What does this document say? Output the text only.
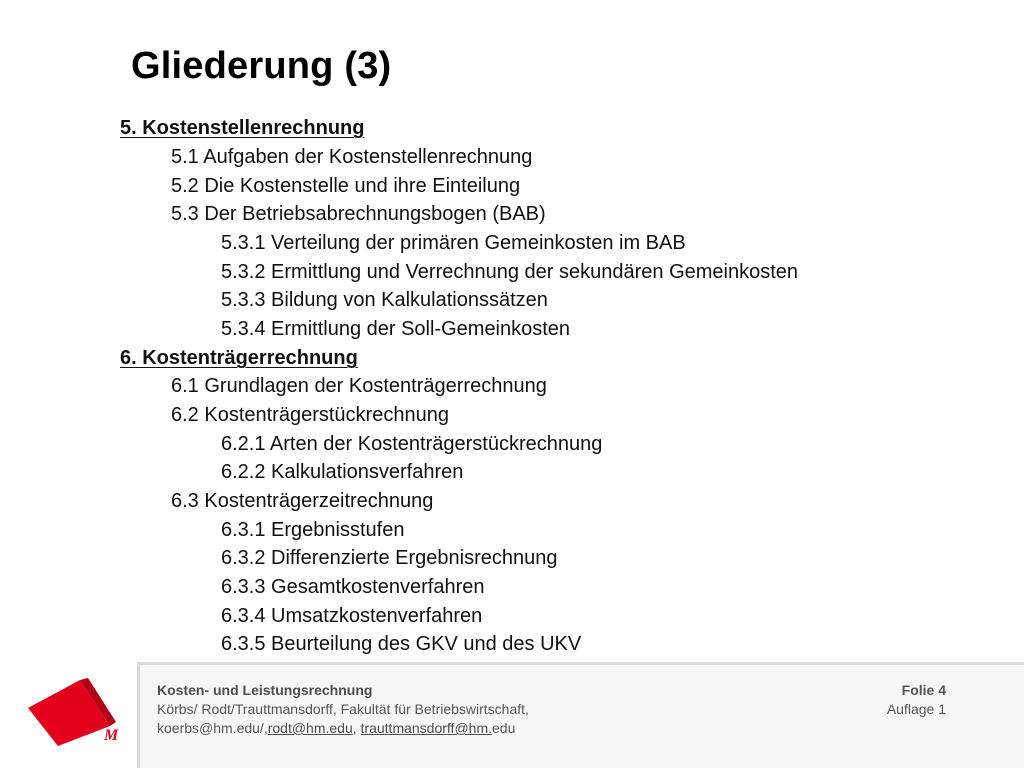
Gliederung (3)
5. Kostenstellenrechnung
5.1 Aufgaben der Kostenstellenrechnung
5.2 Die Kostenstelle und ihre Einteilung
5.3 Der Betriebsabrechnungsbogen (BAB)
5.3.1 Verteilung der primären Gemeinkosten im BAB
5.3.2 Ermittlung und Verrechnung der sekundären Gemeinkosten
5.3.3 Bildung von Kalkulationssätzen
5.3.4 Ermittlung der Soll-Gemeinkosten
6. Kostenträgerrechnung
6.1 Grundlagen der Kostenträgerrechnung
6.2 Kostenträgerstückrechnung
6.2.1 Arten der Kostenträgerstückrechnung
6.2.2 Kalkulationsverfahren
6.3 Kostenträgerzeitrechnung
6.3.1 Ergebnisstufen
6.3.2 Differenzierte Ergebnisrechnung
6.3.3 Gesamtkostenverfahren
6.3.4 Umsatzkostenverfahren
6.3.5 Beurteilung des GKV und des UKV
M
Kosten- und Leistungsrechnung
Körbs/ Rodt/Trauttmansdorff, Fakultät für Betriebswirtschaft,
koerbs@hm.edu/,rodt@hm.edu, trauttmansdorff@hm.edu
Folie 4
Auflage 1
